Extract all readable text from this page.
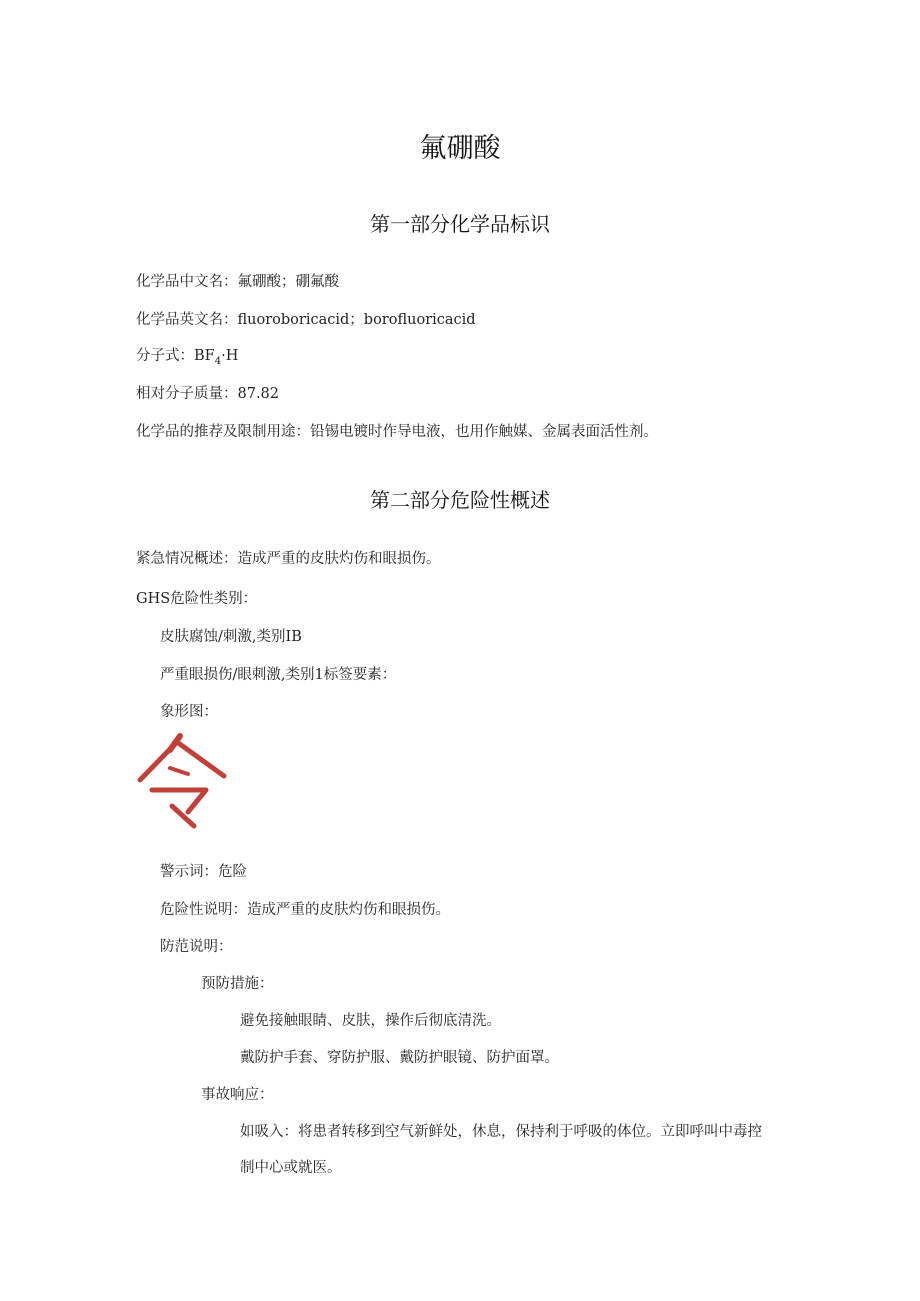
氟硼酸
第一部分化学品标识
化学品中文名：氟硼酸；硼氟酸
化学品英文名：fluoroboricacid；borofluoricacid
分子式：$BF_4\cdot H$
相对分子质量：87.82
化学品的推荐及限制用途：铅锡电镀时作导电液，也用作触媒、金属表面活性剂。
第二部分危险性概述
紧急情况概述：造成严重的皮肤灼伤和眼损伤。
GHS危险性类别：
皮肤腐蚀/刺激,类别IB
严重眼损伤/眼刺激,类别1标签要素：
象形图：
警示词：危险
危险性说明：造成严重的皮肤灼伤和眼损伤。
防范说明：
预防措施：
避免接触眼睛、皮肤，操作后彻底清洗。
戴防护手套、穿防护服、戴防护眼镜、防护面罩。
事故响应：
如吸入：将患者转移到空气新鲜处，休息，保持利于呼吸的体位。立即呼叫中毒控制中心或就医。
